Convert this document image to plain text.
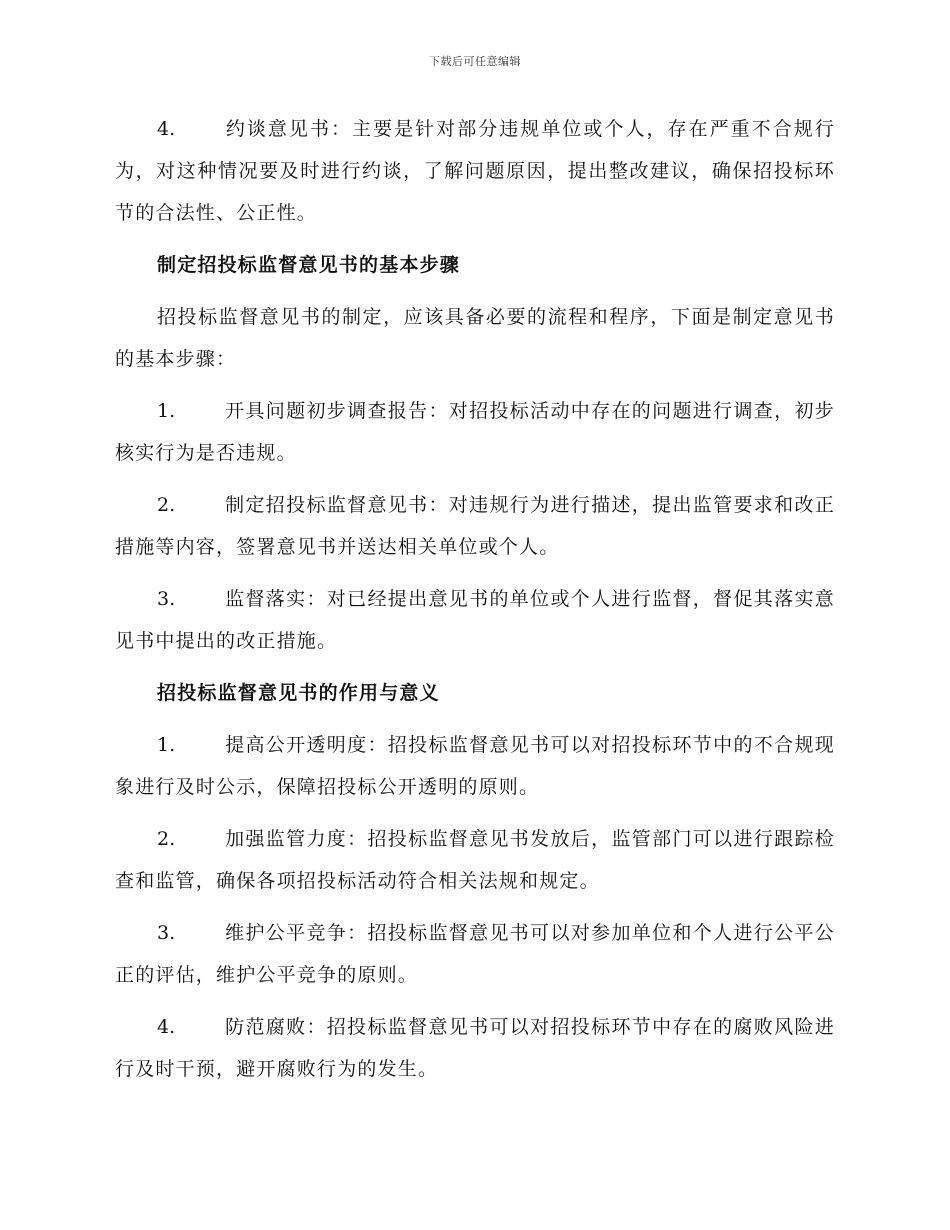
下载后可任意编辑

4.	约谈意见书：主要是针对部分违规单位或个人，存在严重不合规行为，对这种情况要及时进行约谈，了解问题原因，提出整改建议，确保招投标环节的合法性、公正性。

制定招投标监督意见书的基本步骤

招投标监督意见书的制定，应该具备必要的流程和程序，下面是制定意见书的基本步骤：

1.	开具问题初步调查报告：对招投标活动中存在的问题进行调查，初步核实行为是否违规。

2.	制定招投标监督意见书：对违规行为进行描述，提出监管要求和改正措施等内容，签署意见书并送达相关单位或个人。

3.	监督落实：对已经提出意见书的单位或个人进行监督，督促其落实意见书中提出的改正措施。

招投标监督意见书的作用与意义

1.	提高公开透明度：招投标监督意见书可以对招投标环节中的不合规现象进行及时公示，保障招投标公开透明的原则。

2.	加强监管力度：招投标监督意见书发放后，监管部门可以进行跟踪检查和监管，确保各项招投标活动符合相关法规和规定。

3.	维护公平竞争：招投标监督意见书可以对参加单位和个人进行公平公正的评估，维护公平竞争的原则。

4.	防范腐败：招投标监督意见书可以对招投标环节中存在的腐败风险进行及时干预，避开腐败行为的发生。
